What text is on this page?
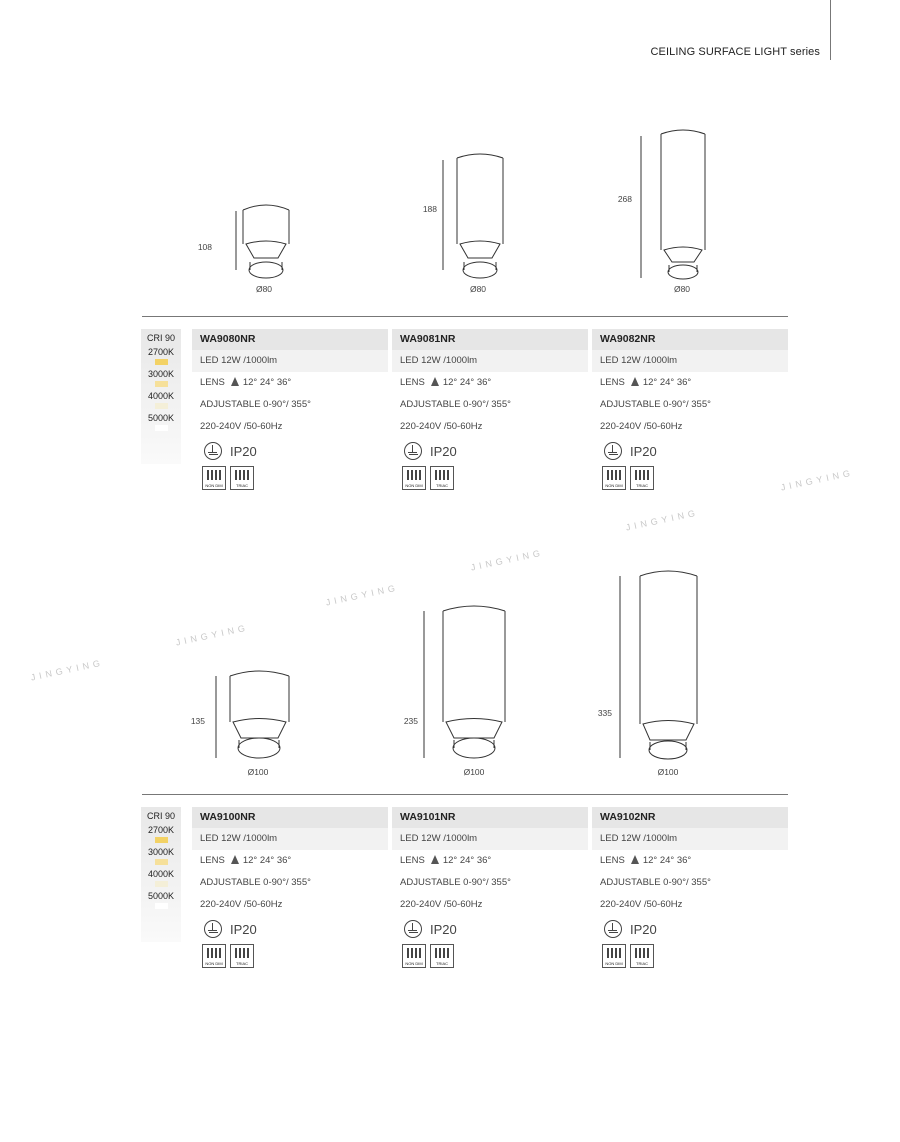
CEILING SURFACE LIGHT series
JINGYING
JINGYING
JINGYING
JINGYING
JINGYING
JINGYING
108
Ø80
188
Ø80
268
Ø80
135
Ø100
235
Ø100
335
Ø100
CRI 90
2700K
3000K
4000K
5000K
CRI 90
2700K
3000K
4000K
5000K
WA9080NR
LED 12W /1000lm
LENS 12° 24° 36°
ADJUSTABLE 0-90°/ 355°
220-240V /50-60Hz
IP20
NON DIM	TRIAC
WA9081NR
LED 12W /1000lm
LENS 12° 24° 36°
ADJUSTABLE 0-90°/ 355°
220-240V /50-60Hz
IP20
NON DIM	TRIAC
WA9082NR
LED 12W /1000lm
LENS 12° 24° 36°
ADJUSTABLE 0-90°/ 355°
220-240V /50-60Hz
IP20
NON DIM	TRIAC
WA9100NR
LED 12W /1000lm
LENS 12° 24° 36°
ADJUSTABLE 0-90°/ 355°
220-240V /50-60Hz
IP20
NON DIM	TRIAC
WA9101NR
LED 12W /1000lm
LENS 12° 24° 36°
ADJUSTABLE 0-90°/ 355°
220-240V /50-60Hz
IP20
NON DIM	TRIAC
WA9102NR
LED 12W /1000lm
LENS 12° 24° 36°
ADJUSTABLE 0-90°/ 355°
220-240V /50-60Hz
IP20
NON DIM	TRIAC
